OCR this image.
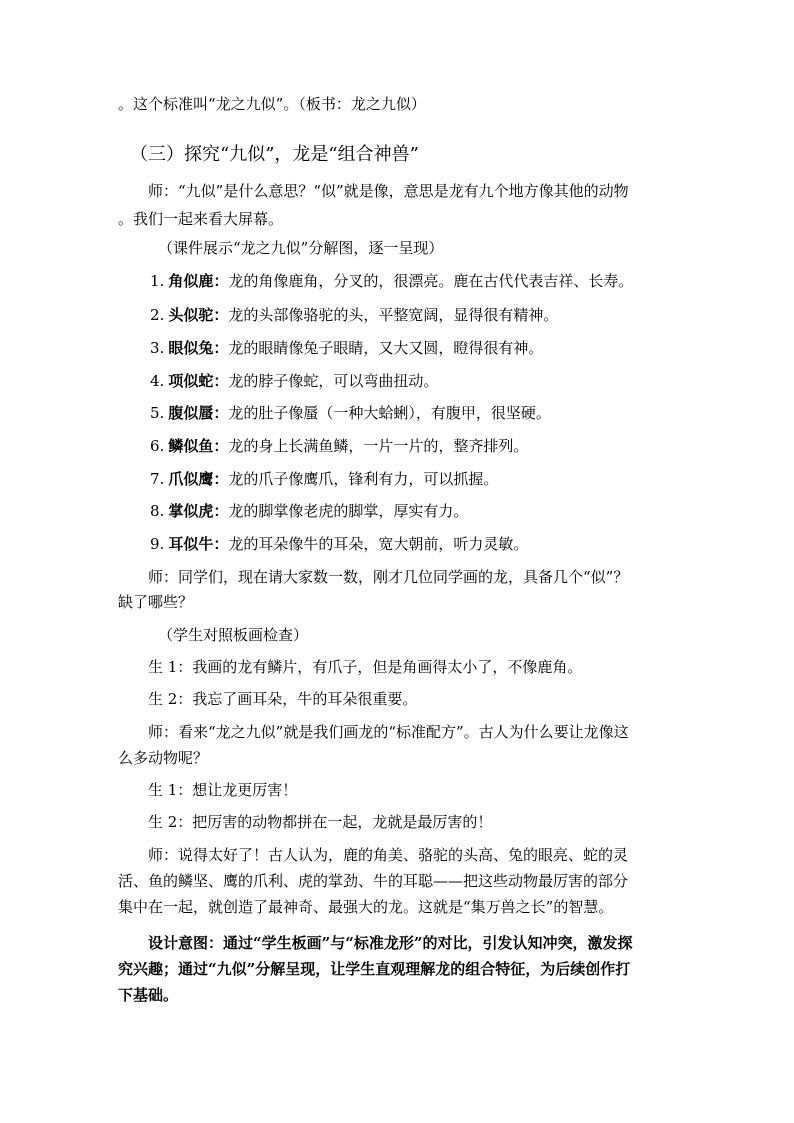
。这个标准叫“龙之九似”。（板书：龙之九似）
（三）探究“九似”，龙是“组合神兽”
师：“九似”是什么意思？“似”就是像，意思是龙有九个地方像其他的动物
。我们一起来看大屏幕。
（课件展示“龙之九似”分解图，逐一呈现）
1. 角似鹿：龙的角像鹿角，分叉的，很漂亮。鹿在古代代表吉祥、长寿。
2. 头似驼：龙的头部像骆驼的头，平整宽阔，显得很有精神。
3. 眼似兔：龙的眼睛像兔子眼睛，又大又圆，瞪得很有神。
4. 项似蛇：龙的脖子像蛇，可以弯曲扭动。
5. 腹似蜃：龙的肚子像蜃（一种大蛤蜊），有腹甲，很坚硬。
6. 鳞似鱼：龙的身上长满鱼鳞，一片一片的，整齐排列。
7. 爪似鹰：龙的爪子像鹰爪，锋利有力，可以抓握。
8. 掌似虎：龙的脚掌像老虎的脚掌，厚实有力。
9. 耳似牛：龙的耳朵像牛的耳朵，宽大朝前，听力灵敏。
师：同学们，现在请大家数一数，刚才几位同学画的龙，具备几个“似”？
缺了哪些？
（学生对照板画检查）
生 1：我画的龙有鳞片，有爪子，但是角画得太小了，不像鹿角。
生 2：我忘了画耳朵，牛的耳朵很重要。
师：看来“龙之九似”就是我们画龙的“标准配方”。古人为什么要让龙像这
么多动物呢？
生 1：想让龙更厉害！
生 2：把厉害的动物都拼在一起，龙就是最厉害的！
师：说得太好了！古人认为，鹿的角美、骆驼的头高、兔的眼亮、蛇的灵
活、鱼的鳞坚、鹰的爪利、虎的掌劲、牛的耳聪——把这些动物最厉害的部分
集中在一起，就创造了最神奇、最强大的龙。这就是“集万兽之长”的智慧。
设计意图：通过“学生板画”与“标准龙形”的对比，引发认知冲突，激发探
究兴趣；通过“九似”分解呈现，让学生直观理解龙的组合特征，为后续创作打
下基础。
